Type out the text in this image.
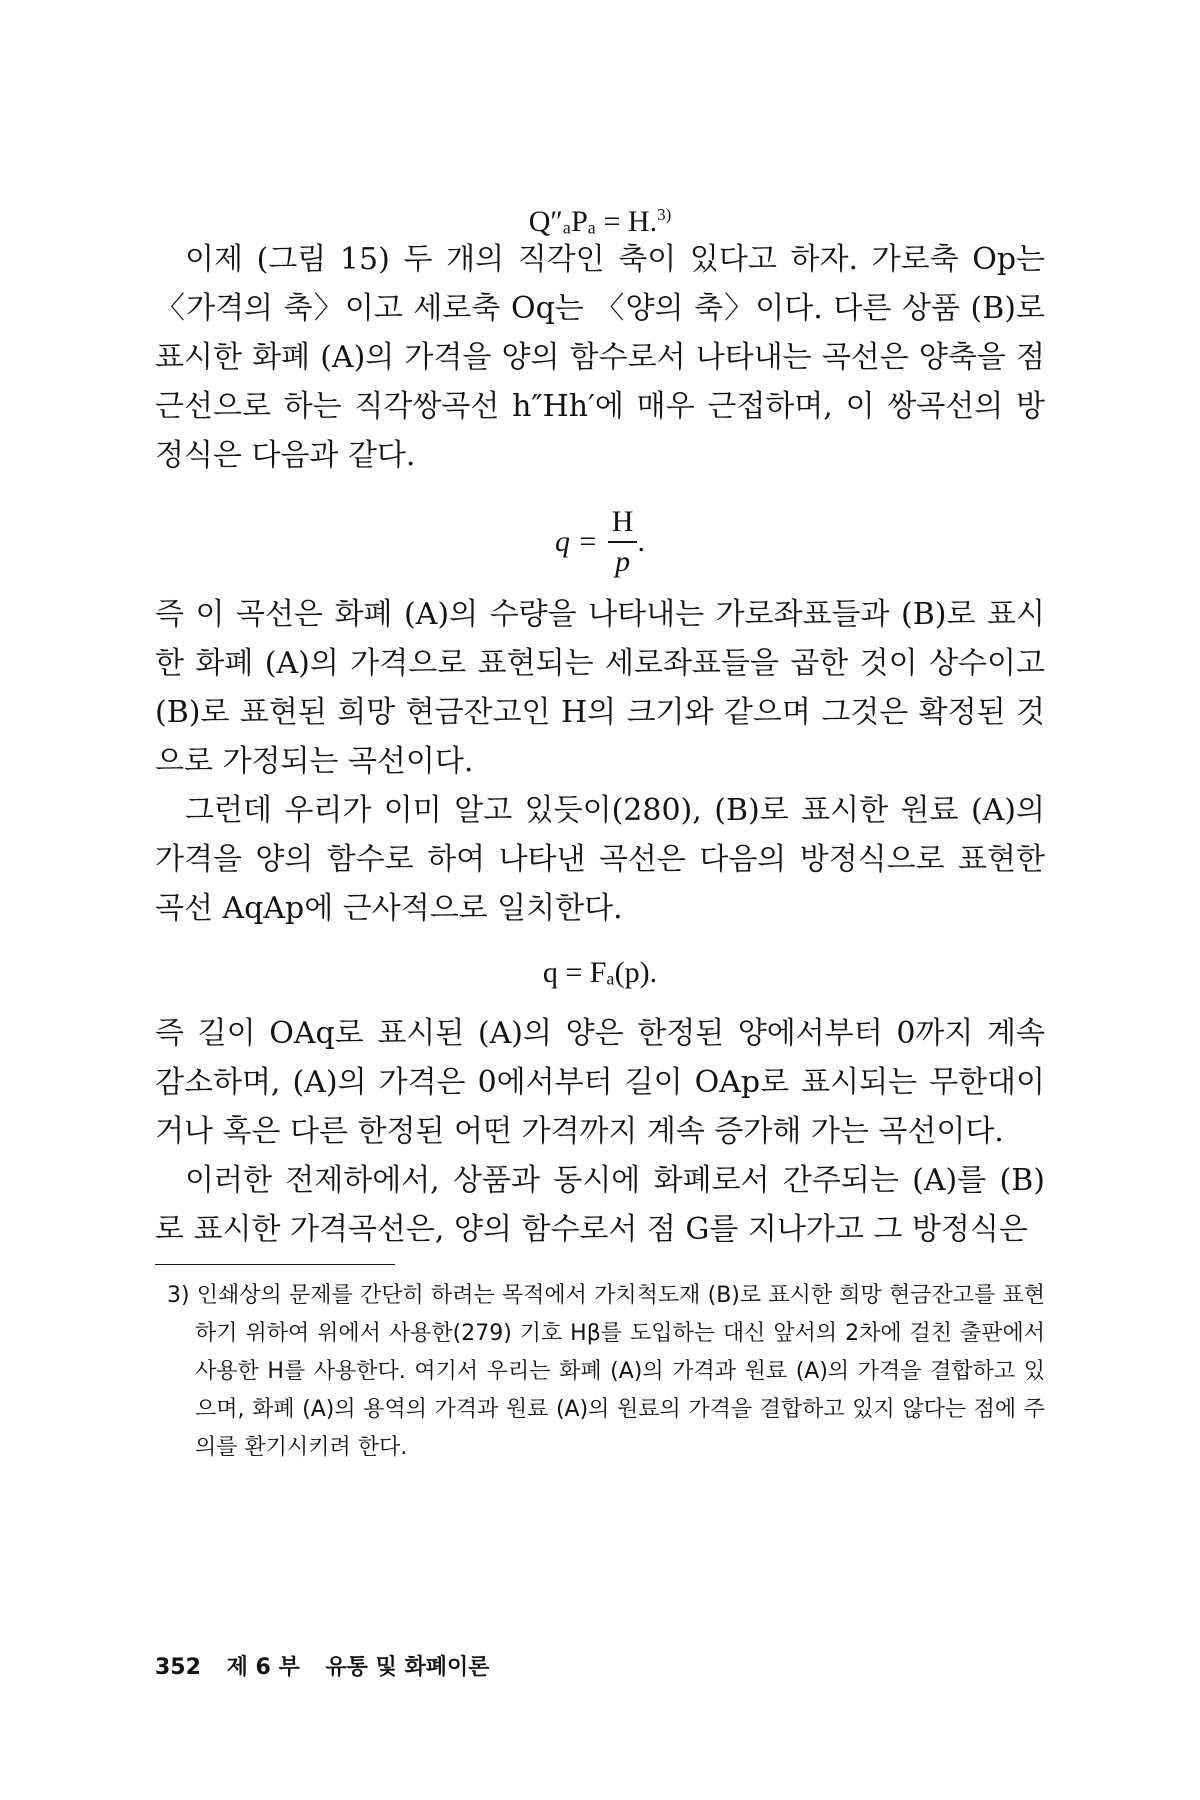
Q″ₐPₐ = H.$^{3)}$

이제 (그림 15) 두 개의 직각인 축이 있다고 하자. 가로축 Op는 〈가격의 축〉이고 세로축 Oq는 〈양의 축〉이다. 다른 상품 (B)로 표시한 화폐 (A)의 가격을 양의 함수로서 나타내는 곡선은 양축을 점근선으로 하는 직각쌍곡선 h″Hh′에 매우 근접하며, 이 쌍곡선의 방정식은 다음과 같다.

$q = \frac{H}{p}$ .

즉 이 곡선은 화폐 (A)의 수량을 나타내는 가로좌표들과 (B)로 표시한 화폐 (A)의 가격으로 표현되는 세로좌표들을 곱한 것이 상수이고 (B)로 표현된 희망 현금잔고인 H의 크기와 같으며 그것은 확정된 것으로 가정되는 곡선이다.

그런데 우리가 이미 알고 있듯이(280), (B)로 표시한 원료 (A)의 가격을 양의 함수로 하여 나타낸 곡선은 다음의 방정식으로 표현한 곡선 AqAp에 근사적으로 일치한다.

q = Fₐ(p).

즉 길이 OAq로 표시된 (A)의 양은 한정된 양에서부터 0까지 계속 감소하며, (A)의 가격은 0에서부터 길이 OAp로 표시되는 무한대이거나 혹은 다른 한정된 어떤 가격까지 계속 증가해 가는 곡선이다.

이러한 전제하에서, 상품과 동시에 화폐로서 간주되는 (A)를 (B)로 표시한 가격곡선은, 양의 함수로서 점 G를 지나가고 그 방정식은

3) 인쇄상의 문제를 간단히 하려는 목적에서 가치척도재 (B)로 표시한 희망 현금잔고를 표현하기 위하여 위에서 사용한(279) 기호 Hβ를 도입하는 대신 앞서의 2차에 걸친 출판에서 사용한 H를 사용한다. 여기서 우리는 화폐 (A)의 가격과 원료 (A)의 가격을 결합하고 있으며, 화폐 (A)의 용역의 가격과 원료 (A)의 원료의 가격을 결합하고 있지 않다는 점에 주의를 환기시키려 한다.

352 제 6 부 유통 및 화폐이론
